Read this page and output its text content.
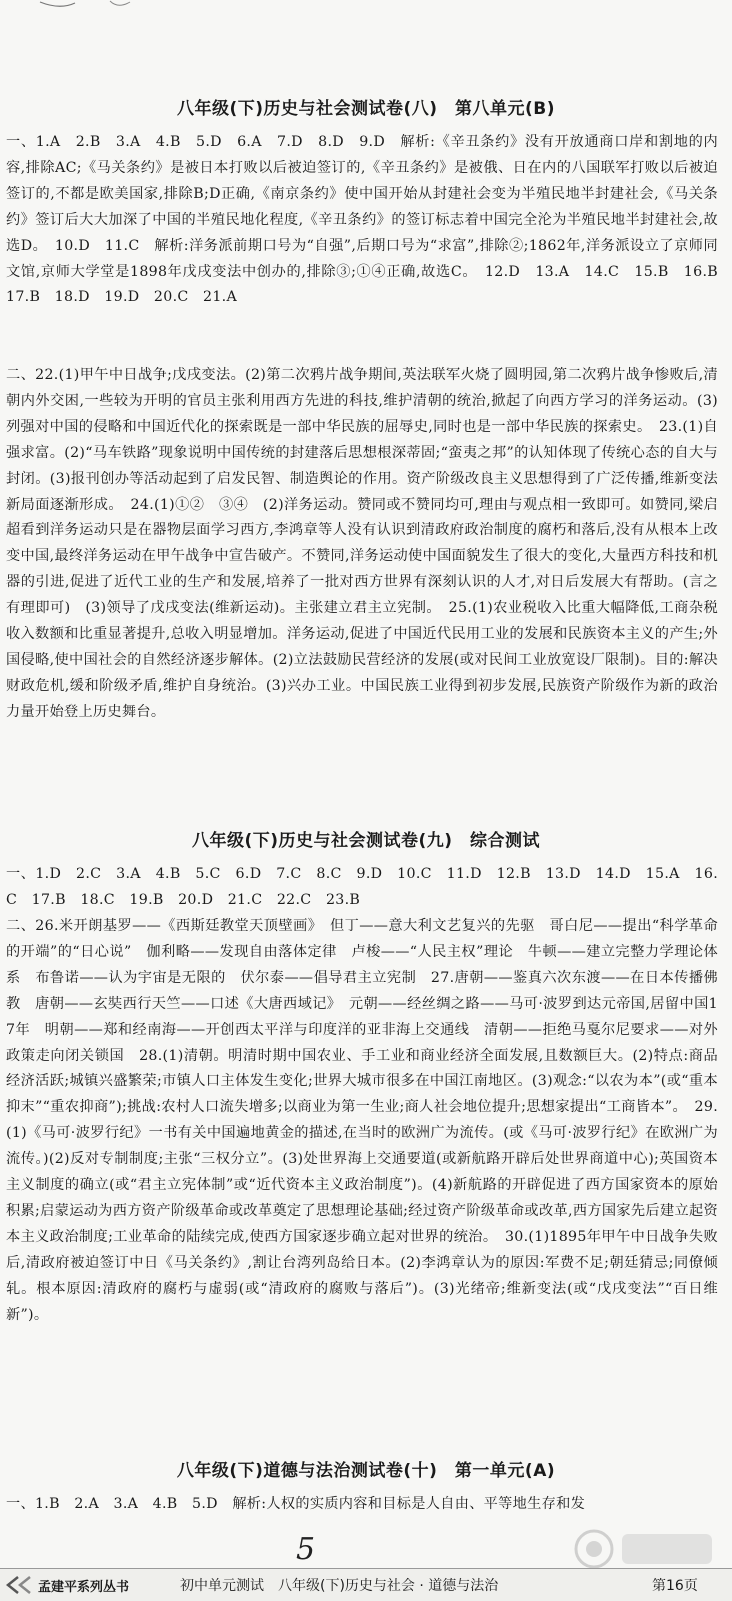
八年级(下)历史与社会测试卷(八)　第八单元(B)
一、1.A　2.B　3.A　4.B　5.D　6.A　7.D　8.D　9.D　解析:《辛丑条约》没有开放通商口岸和割地的内容,排除AC;《马关条约》是被日本打败以后被迫签订的,《辛丑条约》是被俄、日在内的八国联军打败以后被迫签订的,不都是欧美国家,排除B;D正确,《南京条约》使中国开始从封建社会变为半殖民地半封建社会,《马关条约》签订后大大加深了中国的半殖民地化程度,《辛丑条约》的签订标志着中国完全沦为半殖民地半封建社会,故选D。　10.D　11.C　解析:洋务派前期口号为“自强”,后期口号为“求富”,排除②;1862年,洋务派设立了京师同文馆,京师大学堂是1898年戊戌变法中创办的,排除③;①④正确,故选C。　12.D　13.A　14.C　15.B　16.B　17.B　18.D　19.D　20.C　21.A
二、22.(1)甲午中日战争;戊戌变法。(2)第二次鸦片战争期间,英法联军火烧了圆明园,第二次鸦片战争惨败后,清朝内外交困,一些较为开明的官员主张利用西方先进的科技,维护清朝的统治,掀起了向西方学习的洋务运动。(3)列强对中国的侵略和中国近代化的探索既是一部中华民族的屈辱史,同时也是一部中华民族的探索史。　23.(1)自强求富。(2)“马车铁路”现象说明中国传统的封建落后思想根深蒂固;“蛮夷之邦”的认知体现了传统心态的自大与封闭。(3)报刊创办等活动起到了启发民智、制造舆论的作用。资产阶级改良主义思想得到了广泛传播,维新变法新局面逐渐形成。　24.(1)①②　③④　(2)洋务运动。赞同或不赞同均可,理由与观点相一致即可。如赞同,梁启超看到洋务运动只是在器物层面学习西方,李鸿章等人没有认识到清政府政治制度的腐朽和落后,没有从根本上改变中国,最终洋务运动在甲午战争中宣告破产。不赞同,洋务运动使中国面貌发生了很大的变化,大量西方科技和机器的引进,促进了近代工业的生产和发展,培养了一批对西方世界有深刻认识的人才,对日后发展大有帮助。(言之有理即可)　(3)领导了戊戌变法(维新运动)。主张建立君主立宪制。　25.(1)农业税收入比重大幅降低,工商杂税收入数额和比重显著提升,总收入明显增加。洋务运动,促进了中国近代民用工业的发展和民族资本主义的产生;外国侵略,使中国社会的自然经济逐步解体。(2)立法鼓励民营经济的发展(或对民间工业放宽设厂限制)。目的:解决财政危机,缓和阶级矛盾,维护自身统治。(3)兴办工业。中国民族工业得到初步发展,民族资产阶级作为新的政治力量开始登上历史舞台。
八年级(下)历史与社会测试卷(九)　综合测试
一、1.D　2.C　3.A　4.B　5.C　6.D　7.C　8.C　9.D　10.C　11.D　12.B　13.D　14.D　15.A　16.C　17.B　18.C　19.B　20.D　21.C　22.C　23.B
二、26.米开朗基罗——《西斯廷教堂天顶壁画》　但丁——意大利文艺复兴的先驱　哥白尼——提出“科学革命的开端”的“日心说”　伽利略——发现自由落体定律　卢梭——“人民主权”理论　牛顿——建立完整力学理论体系　布鲁诺——认为宇宙是无限的　伏尔泰——倡导君主立宪制　27.唐朝——鉴真六次东渡——在日本传播佛教　唐朝——玄奘西行天竺——口述《大唐西域记》　元朝——经丝绸之路——马可·波罗到达元帝国,居留中国17年　明朝——郑和经南海——开创西太平洋与印度洋的亚非海上交通线　清朝——拒绝马戛尔尼要求——对外政策走向闭关锁国　28.(1)清朝。明清时期中国农业、手工业和商业经济全面发展,且数额巨大。(2)特点:商品经济活跃;城镇兴盛繁荣;市镇人口主体发生变化;世界大城市很多在中国江南地区。(3)观念:“以农为本”(或“重本抑末”“重农抑商”);挑战:农村人口流失增多;以商业为第一生业;商人社会地位提升;思想家提出“工商皆本”。　29.(1)《马可·波罗行纪》一书有关中国遍地黄金的描述,在当时的欧洲广为流传。(或《马可·波罗行纪》在欧洲广为流传。)(2)反对专制制度;主张“三权分立”。(3)处世界海上交通要道(或新航路开辟后处世界商道中心);英国资本主义制度的确立(或“君主立宪体制”或“近代资本主义政治制度”)。(4)新航路的开辟促进了西方国家资本的原始积累;启蒙运动为西方资产阶级革命或改革奠定了思想理论基础;经过资产阶级革命或改革,西方国家先后建立起资本主义政治制度;工业革命的陆续完成,使西方国家逐步确立起对世界的统治。　30.(1)1895年甲午中日战争失败后,清政府被迫签订中日《马关条约》,割让台湾列岛给日本。(2)李鸿章认为的原因:军费不足;朝廷猜忌;同僚倾轧。根本原因:清政府的腐朽与虚弱(或“清政府的腐败与落后”)。(3)光绪帝;维新变法(或“戊戌变法”“百日维新”)。
八年级(下)道德与法治测试卷(十)　第一单元(A)
一、1.B　2.A　3.A　4.B　5.D　解析:人权的实质内容和目标是人自由、平等地生存和发
5
孟建平系列丛书	初中单元测试　八年级(下)历史与社会 · 道德与法治	第16页
